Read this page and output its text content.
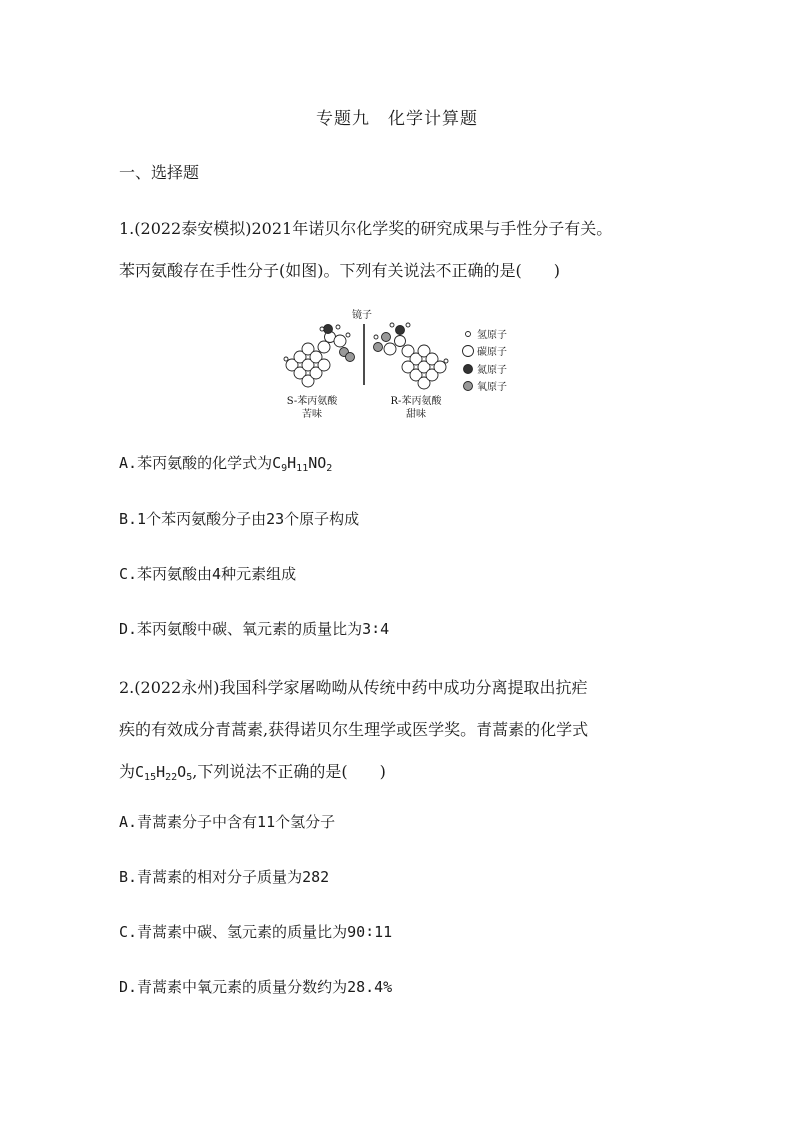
专题九 化学计算题
一、选择题
1.(2022泰安模拟)2021年诺贝尔化学奖的研究成果与手性分子有关。
苯丙氨酸存在手性分子(如图)。下列有关说法不正确的是(　　)
镜子
S-苯丙氨酸
苦味
R-苯丙氨酸
甜味
氢原子
碳原子
氮原子
氧原子
A.苯丙氨酸的化学式为$C_9H_{11}NO_2$
B.1个苯丙氨酸分子由23个原子构成
C.苯丙氨酸由4种元素组成
D.苯丙氨酸中碳、氧元素的质量比为3∶4
2.(2022永州)我国科学家屠呦呦从传统中药中成功分离提取出抗疟
疾的有效成分青蒿素,获得诺贝尔生理学或医学奖。青蒿素的化学式
为$C_{15}H_{22}O_5$,下列说法不正确的是(　　)
A.青蒿素分子中含有11个氢分子
B.青蒿素的相对分子质量为282
C.青蒿素中碳、氢元素的质量比为90∶11
D.青蒿素中氧元素的质量分数约为28.4%
